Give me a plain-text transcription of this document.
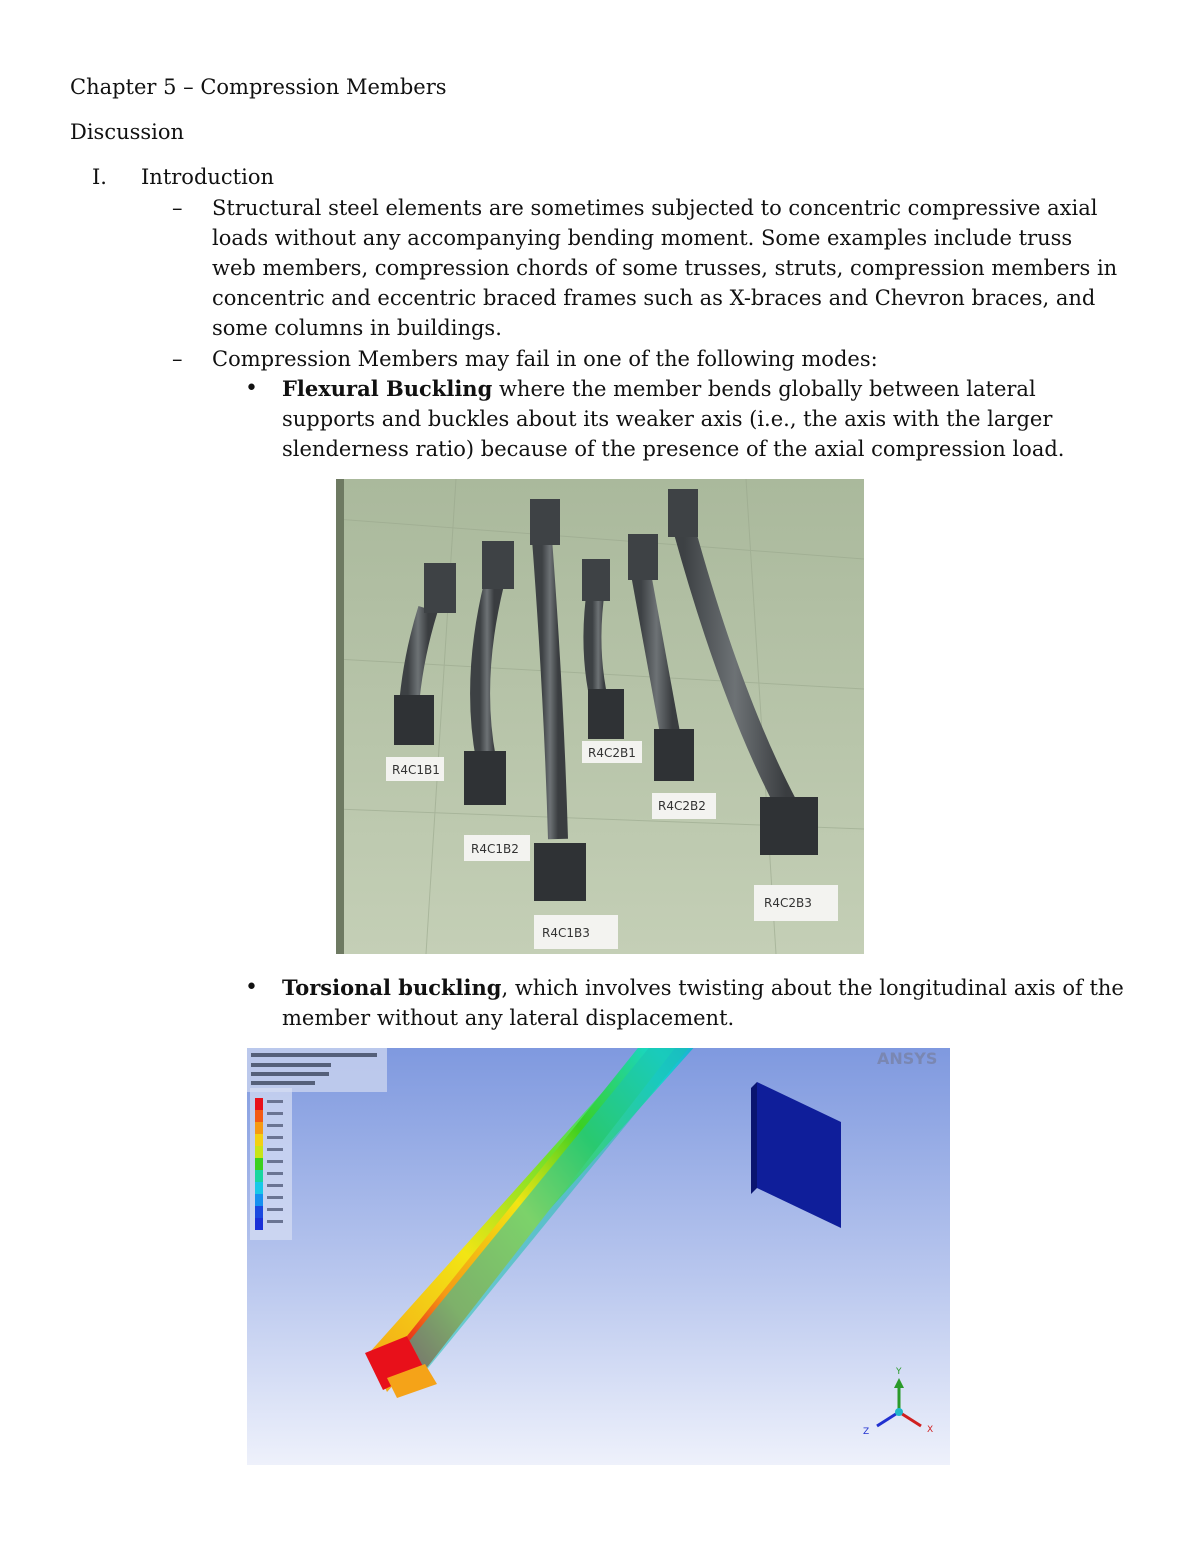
Chapter 5 – Compression Members
Discussion
I. Introduction
– Structural steel elements are sometimes subjected to concentric compressive axial loads without any accompanying bending moment. Some examples include truss web members, compression chords of some trusses, struts, compression members in concentric and eccentric braced frames such as X-braces and Chevron braces, and some columns in buildings.
– Compression Members may fail in one of the following modes:
• Flexural Buckling where the member bends globally between lateral supports and buckles about its weaker axis (i.e., the axis with the larger slenderness ratio) because of the presence of the axial compression load.
R4C1B1
R4C1B2
R4C1B3
R4C2B1
R4C2B2
R4C2B3
• Torsional buckling, which involves twisting about the longitudinal axis of the member without any lateral displacement.
ANSYS
Y
X
Z
